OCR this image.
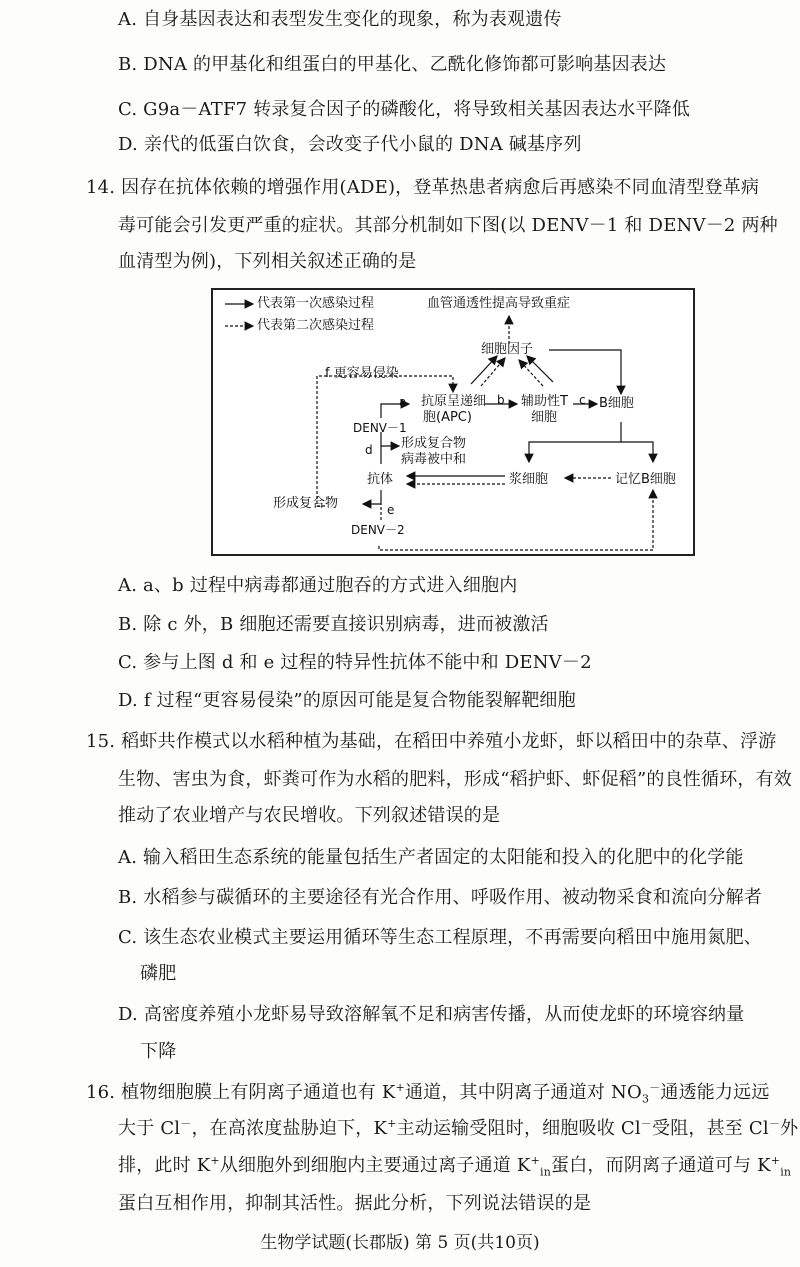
A. 自身基因表达和表型发生变化的现象，称为表观遗传
B. DNA 的甲基化和组蛋白的甲基化、乙酰化修饰都可影响基因表达
C. G9a－ATF7 转录复合因子的磷酸化，将导致相关基因表达水平降低
D. 亲代的低蛋白饮食，会改变子代小鼠的 DNA 碱基序列
14. 因存在抗体依赖的增强作用(ADE)，登革热患者病愈后再感染不同血清型登革病
毒可能会引发更严重的症状。其部分机制如下图(以 DENV－1 和 DENV－2 两种
血清型为例)，下列相关叙述正确的是
代表第一次感染过程
代表第二次感染过程
血管通透性提高导致重症
细胞因子
f 更容易侵染
抗原呈递细
胞(APC)
辅助性T
细胞
B细胞
DENV－1
a	b	c
d 形成复合物
病毒被中和
抗体	浆细胞	记忆B细胞
e
形成复合物
DENV－2
A. a、b 过程中病毒都通过胞吞的方式进入细胞内
B. 除 c 外，B 细胞还需要直接识别病毒，进而被激活
C. 参与上图 d 和 e 过程的特异性抗体不能中和 DENV－2
D. f 过程“更容易侵染”的原因可能是复合物能裂解靶细胞
15. 稻虾共作模式以水稻种植为基础，在稻田中养殖小龙虾，虾以稻田中的杂草、浮游
生物、害虫为食，虾粪可作为水稻的肥料，形成“稻护虾、虾促稻”的良性循环，有效
推动了农业增产与农民增收。下列叙述错误的是
A. 输入稻田生态系统的能量包括生产者固定的太阳能和投入的化肥中的化学能
B. 水稻参与碳循环的主要途径有光合作用、呼吸作用、被动物采食和流向分解者
C. 该生态农业模式主要运用循环等生态工程原理，不再需要向稻田中施用氮肥、
磷肥
D. 高密度养殖小龙虾易导致溶解氧不足和病害传播，从而使龙虾的环境容纳量
下降
16. 植物细胞膜上有阴离子通道也有 K+通道，其中阴离子通道对 $NO_3^-$通透能力远远
大于 Cl－，在高浓度盐胁迫下，K+主动运输受阻时，细胞吸收 Cl－受阻，甚至 Cl－外
排，此时 K+从细胞外到细胞内主要通过离子通道 $K^+_{in}$蛋白，而阴离子通道可与 $K^+_{in}$
蛋白互相作用，抑制其活性。据此分析，下列说法错误的是
生物学试题(长郡版) 第 5 页(共10页)
